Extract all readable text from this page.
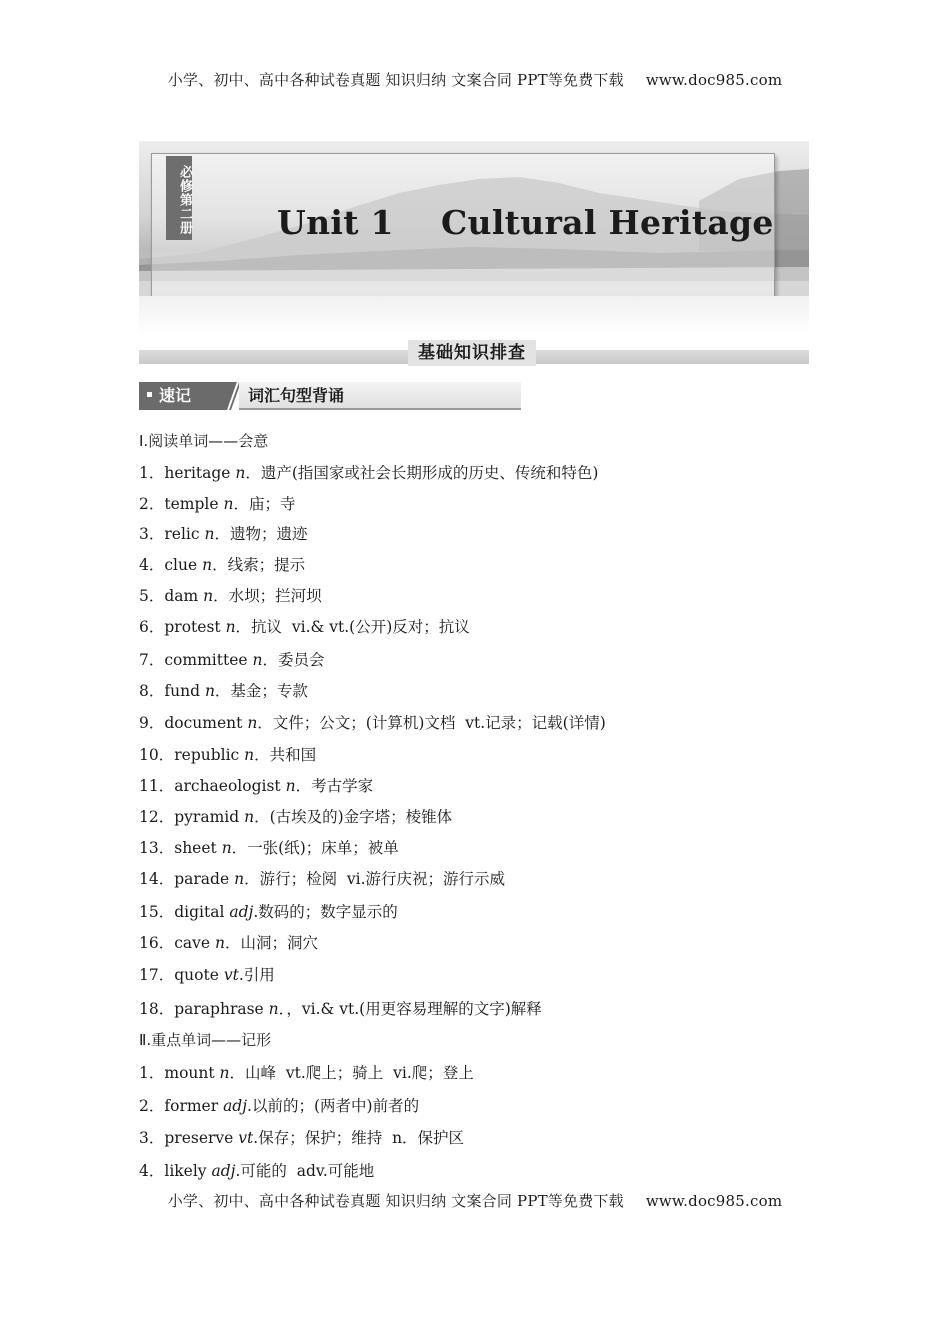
小学、初中、高中各种试卷真题 知识归纳 文案合同 PPT等免费下载 www.doc985.com
必修第二册	Unit 1    Cultural Heritage
基础知识排查
速记	词汇句型背诵
Ⅰ.阅读单词——会意
1．heritage n．遗产(指国家或社会长期形成的历史、传统和特色)
2．temple n．庙；寺
3．relic n．遗物；遗迹
4．clue n．线索；提示
5．dam n．水坝；拦河坝
6．protest n．抗议  vi.& vt.(公开)反对；抗议
7．committee n．委员会
8．fund n．基金；专款
9．document n．文件；公文；(计算机)文档  vt.记录；记载(详情)
10．republic n．共和国
11．archaeologist n．考古学家
12．pyramid n．(古埃及的)金字塔；棱锥体
13．sheet n．一张(纸)；床单；被单
14．parade n．游行；检阅  vi.游行庆祝；游行示威
15．digital adj.数码的；数字显示的
16．cave n．山洞；洞穴
17．quote vt.引用
18．paraphrase n．，vi.& vt.(用更容易理解的文字)解释
Ⅱ.重点单词——记形
1．mount n．山峰  vt.爬上；骑上  vi.爬；登上
2．former adj.以前的；(两者中)前者的
3．preserve vt.保存；保护；维持  n．保护区
4．likely adj.可能的  adv.可能地
小学、初中、高中各种试卷真题 知识归纳 文案合同 PPT等免费下载 www.doc985.com
